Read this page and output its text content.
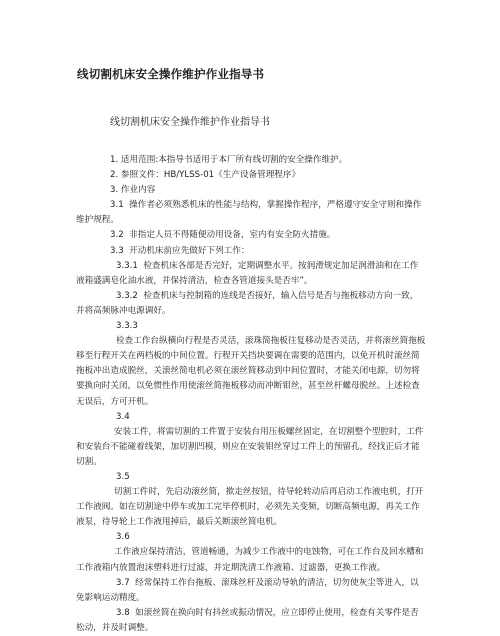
线切割机床安全操作维护作业指导书
线切割机床安全操作维护作业指导书

1. 适用范围:本指导书适用于本厂所有线切割的安全操作维护。

2. 参照文件：HB/YLSS-01《生产设备管理程序》

3. 作业内容

3.1  操作者必须熟悉机床的性能与结构，掌握操作程序，严格遵守安全守则和操作维护规程。

3.2  非指定人员不得随便动用设备，室内有安全防火措施。

3.3  开动机床前应先做好下列工作：

3.3.1  检查机床各部是否完好，定期调整水平。按润滑规定加足润滑油和在工作液箱盛满皂化油水液，并保持清洁，检查各管道接头是否牢”。

3.3.2  检查机床与控制箱的连线是否接好，输入信号是否与拖板移动方向一致，并将高频脉冲电源调好。

3.3.3

检查工作台纵横向行程是否灵活，滚珠简拖板往复移动是否灵活，并将滚丝简拖板移至行程开关在两档板的中间位置。行程开关挡块要调在需要的范围内，以免开机时滚丝简拖板冲出造成脱丝，关滚丝简电机必须在滚丝简移动到中间位置时，才能关闭电源，切勿将要换向时关闭，以免惯性作用使滚丝简拖板移动而冲断钼丝，甚至丝杆螺母脱丝。上述检查无误后，方可开机。

3.4

安装工件，将需切割的工件置于安装台用压板螺丝固定，在切割整个型腔时，工件和安装台不能碰着线架，加切割凹模，则应在安装钼丝穿过工件上的预留孔，经找正后才能切割。

3.5

切割工件时，先启动滚丝简，揿走丝按钮，待导轮转动后再启动工作液电机，打开工作液阀。如在切割途中停车或加工完毕停机时，必须先关变频，切断高频电源，再关工作液泵，待导轮上工作液甩掉后，最后关断滚丝简电机。

3.6

工作液应保持清洁，管道畅通，为减少工作液中的电蚀物，可在工作台及回水槽和工作液箱内放置泡沫塑料进行过滤，并定期洗清工作液箱、过滤器，更换工作液。

3.7  经常保持工作台拖板、滚珠丝杆及滚动导轨的清洁，切勿使灰尘等进入，以免影响运动精度。

3.8  如滚丝简在换向时有抖丝或振动情况，应立即停止使用，检查有关零件是否松动，并及时调整。
